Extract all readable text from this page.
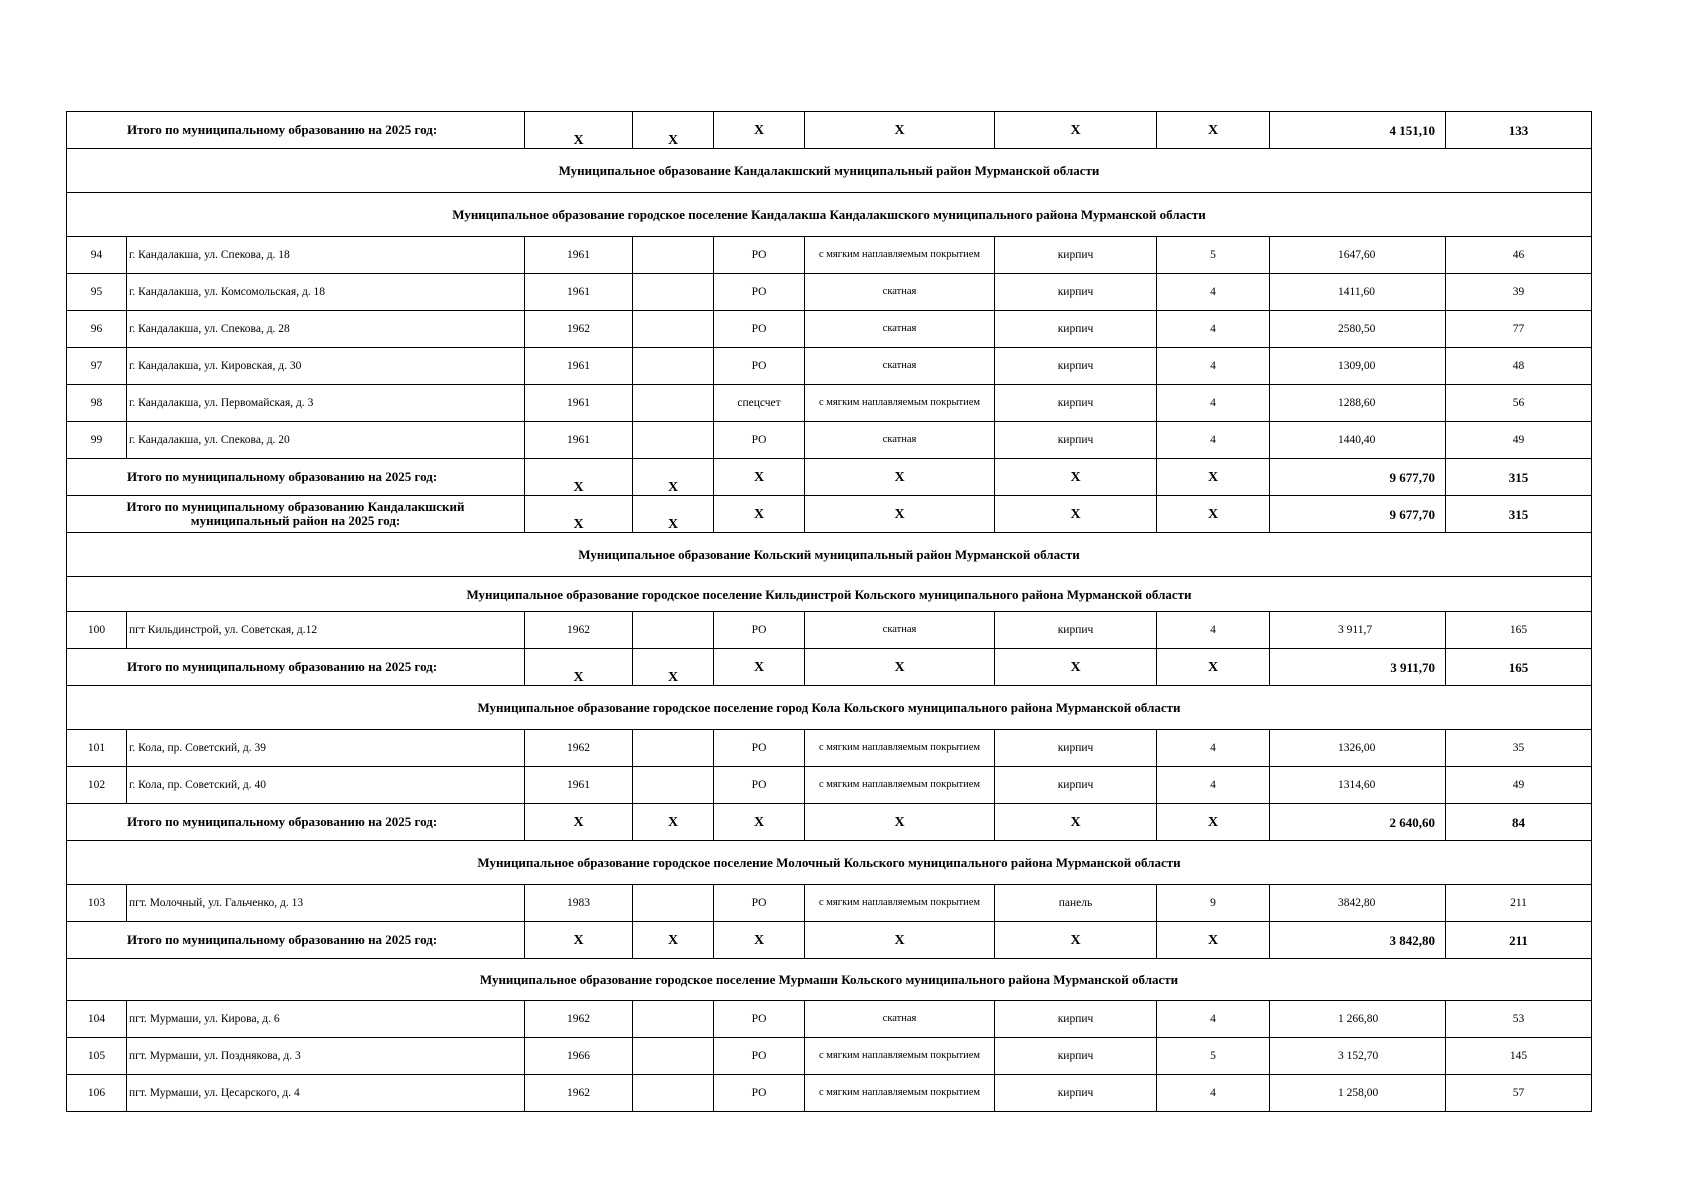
Итого по муниципальному образованию на 2025 год:		X	X	X	X	X	X	4 151,10	133
Муниципальное образование Кандалакшский муниципальный район Мурманской области									
Муниципальное образование городское поселение Кандалакша Кандалакшского муниципального района Мурманской области									
94	г. Кандалакша, ул. Спекова, д. 18	1961		РО	с мягким наплавляемым покрытием	кирпич	5	1647,60	46
95	г. Кандалакша, ул. Комсомольская, д. 18	1961		РО	скатная	кирпич	4	1411,60	39
96	г. Кандалакша, ул. Спекова, д. 28	1962		РО	скатная	кирпич	4	2580,50	77
97	г. Кандалакша, ул. Кировская, д. 30	1961		РО	скатная	кирпич	4	1309,00	48
98	г. Кандалакша, ул. Первомайская, д. 3	1961		спецсчет	с мягким наплавляемым покрытием	кирпич	4	1288,60	56
99	г. Кандалакша, ул. Спекова, д. 20	1961		РО	скатная	кирпич	4	1440,40	49
Итого по муниципальному образованию на 2025 год:		X	X	X	X	X	X	9 677,70	315
Итого по муниципальному образованию Кандалакшский муниципальный район на 2025 год:		X	X	X	X	X	X	9 677,70	315
Муниципальное образование Кольский муниципальный район Мурманской области									
Муниципальное образование городское поселение Кильдинстрой Кольского муниципального района Мурманской области									
100	пгт Кильдинстрой, ул. Советская, д.12	1962		РО	скатная	кирпич	4	3 911,7	165
Итого по муниципальному образованию на 2025 год:		X	X	X	X	X	X	3 911,70	165
Муниципальное образование городское поселение город Кола Кольского муниципального района Мурманской области									
101	г. Кола, пр. Советский, д. 39	1962		РО	с мягким наплавляемым покрытием	кирпич	4	1326,00	35
102	г. Кола, пр. Советский, д. 40	1961		РО	с мягким наплавляемым покрытием	кирпич	4	1314,60	49
Итого по муниципальному образованию на 2025 год:		X	X	X	X	X	X	2 640,60	84
Муниципальное образование городское поселение Молочный Кольского муниципального района Мурманской области									
103	пгт. Молочный, ул. Гальченко, д. 13	1983		РО	с мягким наплавляемым покрытием	панель	9	3842,80	211
Итого по муниципальному образованию на 2025 год:		X	X	X	X	X	X	3 842,80	211
Муниципальное образование городское поселение Мурмаши Кольского муниципального района Мурманской области									
104	пгт. Мурмаши, ул. Кирова, д. 6	1962		РО	скатная	кирпич	4	1 266,80	53
105	пгт. Мурмаши, ул. Позднякова, д. 3	1966		РО	с мягким наплавляемым покрытием	кирпич	5	3 152,70	145
106	пгт. Мурмаши, ул. Цесарского, д. 4	1962		РО	с мягким наплавляемым покрытием	кирпич	4	1 258,00	57
